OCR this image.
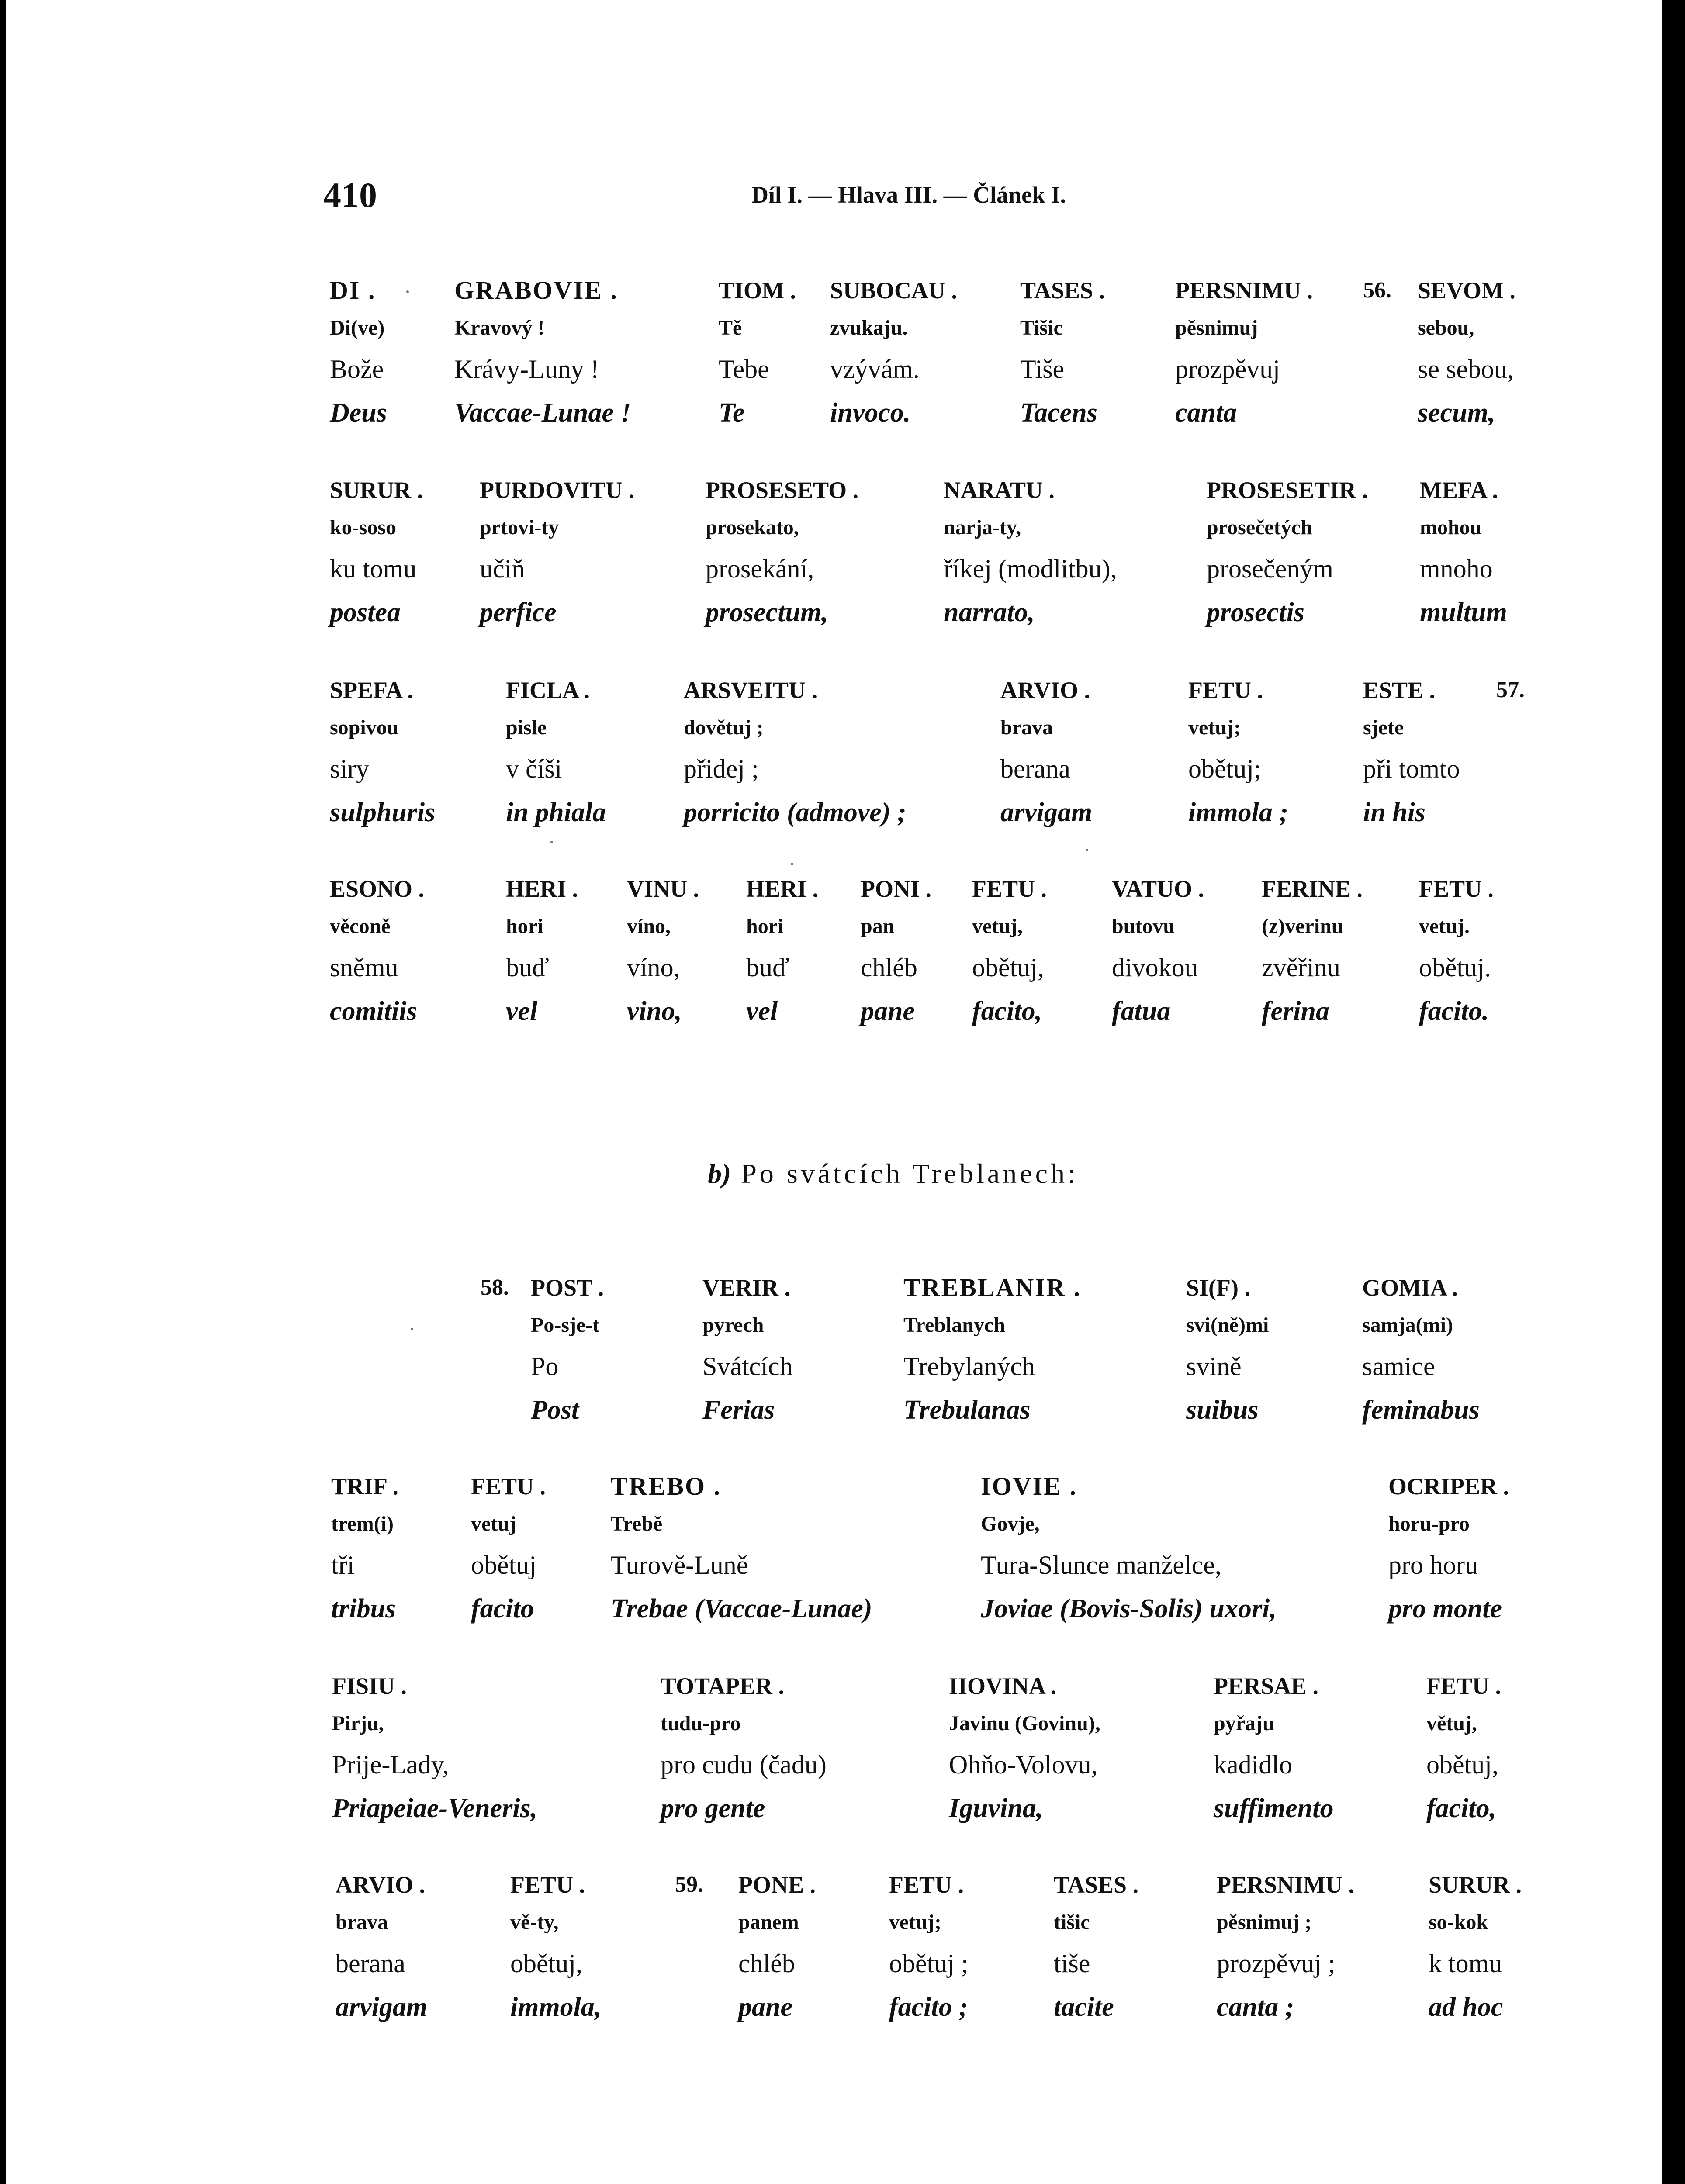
410	Díl I. — Hlava III. — Článek I.
b) Po svátcích Treblanech:
56.
DI .
Di(ve)
Bože
Deus
GRABOVIE .
Kravový !
Krávy-Luny !
Vaccae-Lunae !
TIOM .
Tě
Tebe
Te
SUBOCAU .
zvukaju.
vzývám.
invoco.
TASES .
Tišic
Tiše
Tacens
PERSNIMU .
pěsnimuj
prozpěvuj
canta
SEVOM .
sebou,
se sebou,
secum,
SURUR .
ko-soso
ku tomu
postea
PURDOVITU .
prtovi-ty
učiň
perfice
PROSESETO .
prosekato,
prosekání,
prosectum,
NARATU .
narja-ty,
říkej (modlitbu),
narrato,
PROSESETIR .
prosečetých
prosečeným
prosectis
MEFA .
mohou
mnoho
multum
57.
SPEFA .
sopivou
siry
sulphuris
FICLA .
pisle
v číši
in phiala
ARSVEITU .
dovětuj ;
přidej ;
porricito (admove) ;
ARVIO .
brava
berana
arvigam
FETU .
vetuj;
obětuj;
immola ;
ESTE .
sjete
při tomto
in his
ESONO .
věconě
sněmu
comitiis
HERI .
hori
buď
vel
VINU .
víno,
víno,
vino,
HERI .
hori
buď
vel
PONI .
pan
chléb
pane
FETU .
vetuj,
obětuj,
facito,
VATUO .
butovu
divokou
fatua
FERINE .
(z)verinu
zvěřinu
ferina
FETU .
vetuj.
obětuj.
facito.
58. POST .
Po-sje-t
Po
Post
VERIR .
pyrech
Svátcích
Ferias
TREBLANIR .
Treblanych
Trebylaných
Trebulanas
SI(F) .
svi(ně)mi
svině
suibus
GOMIA .
samja(mi)
samice
feminabus
TRIF .
trem(i)
tři
tribus
FETU .
vetuj
obětuj
facito
TREBO .
Trebě
Turově-Luně
Trebae (Vaccae-Lunae)
IOVIE .
Govje,
Tura-Slunce manželce,
Joviae (Bovis-Solis) uxori,
OCRIPER .
horu-pro
pro horu
pro monte
FISIU .
Pirju,
Prije-Lady,
Priapeiae-Veneris,
TOTAPER .
tudu-pro
pro cudu (čadu)
pro gente
IIOVINA .
Javinu (Govinu),
Ohňo-Volovu,
Iguvina,
PERSAE .
pyřaju
kadidlo
suffimento
FETU .
větuj,
obětuj,
facito,
59.
ARVIO .
brava
berana
arvigam
FETU .
vě-ty,
obětuj,
immola,
PONE .
panem
chléb
pane
FETU .
vetuj;
obětuj ;
facito ;
TASES .
tišic
tiše
tacite
PERSNIMU .
pěsnimuj ;
prozpěvuj ;
canta ;
SURUR .
so-kok
k tomu
ad hoc
